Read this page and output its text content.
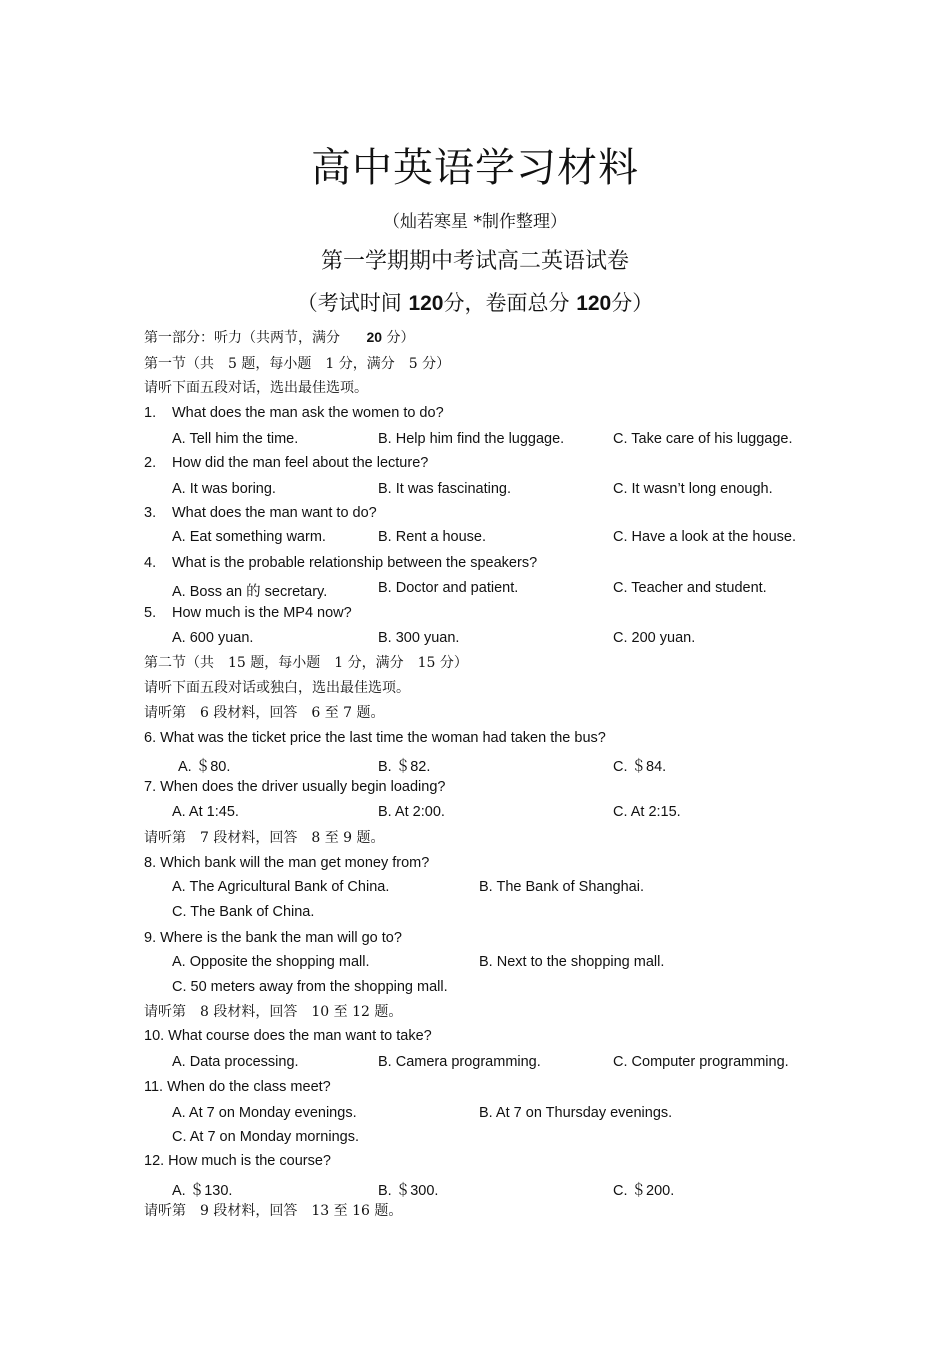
高中英语学习材料
（灿若寒星 *制作整理）
第一学期期中考试高二英语试卷
（考试时间 120分，卷面总分 120分）
第一部分：听力（共两节，满分 20 分）
第一节（共　5 题，每小题　1 分，满分　5 分）
请听下面五段对话，选出最佳选项。
1. What does the man ask the women to do?
A. Tell him the time.	B. Help him find the luggage.	C. Take care of his luggage.
2. How did the man feel about the lecture?
A. It was boring.	B. It was fascinating.	C. It wasn’t long enough.
3. What does the man want to do?
A. Eat something warm.	B. Rent a house.	C. Have a look at the house.
4. What is the probable relationship between the speakers?
A. Boss an 的 secretary.	B. Doctor and patient.	C. Teacher and student.
5. How much is the MP4 now?
A. 600 yuan.	B. 300 yuan.	C. 200 yuan.
第二节（共　15 题，每小题　1 分，满分　15 分）
请听下面五段对话或独白，选出最佳选项。
请听第　6 段材料，回答　6 至 7 题。
6. What was the ticket price the last time the woman had taken the bus?
A. ＄80.	B. ＄82.	C. ＄84.
7. When does the driver usually begin loading?
A. At 1:45.	B. At 2:00.	C. At 2:15.
请听第　7 段材料，回答　8 至 9 题。
8. Which bank will the man get money from?
A. The Agricultural Bank of China.	B. The Bank of Shanghai.
C. The Bank of China.
9. Where is the bank the man will go to?
A. Opposite the shopping mall.	B. Next to the shopping mall.
C. 50 meters away from the shopping mall.
请听第　8 段材料，回答　10 至 12 题。
10. What course does the man want to take?
A. Data processing.	B. Camera programming.	C. Computer programming.
11. When do the class meet?
A. At 7 on Monday evenings.	B. At 7 on Thursday evenings.
C. At 7 on Monday mornings.
12. How much is the course?
A. ＄130.	B. ＄300.	C. ＄200.
请听第　9 段材料，回答　13 至 16 题。
